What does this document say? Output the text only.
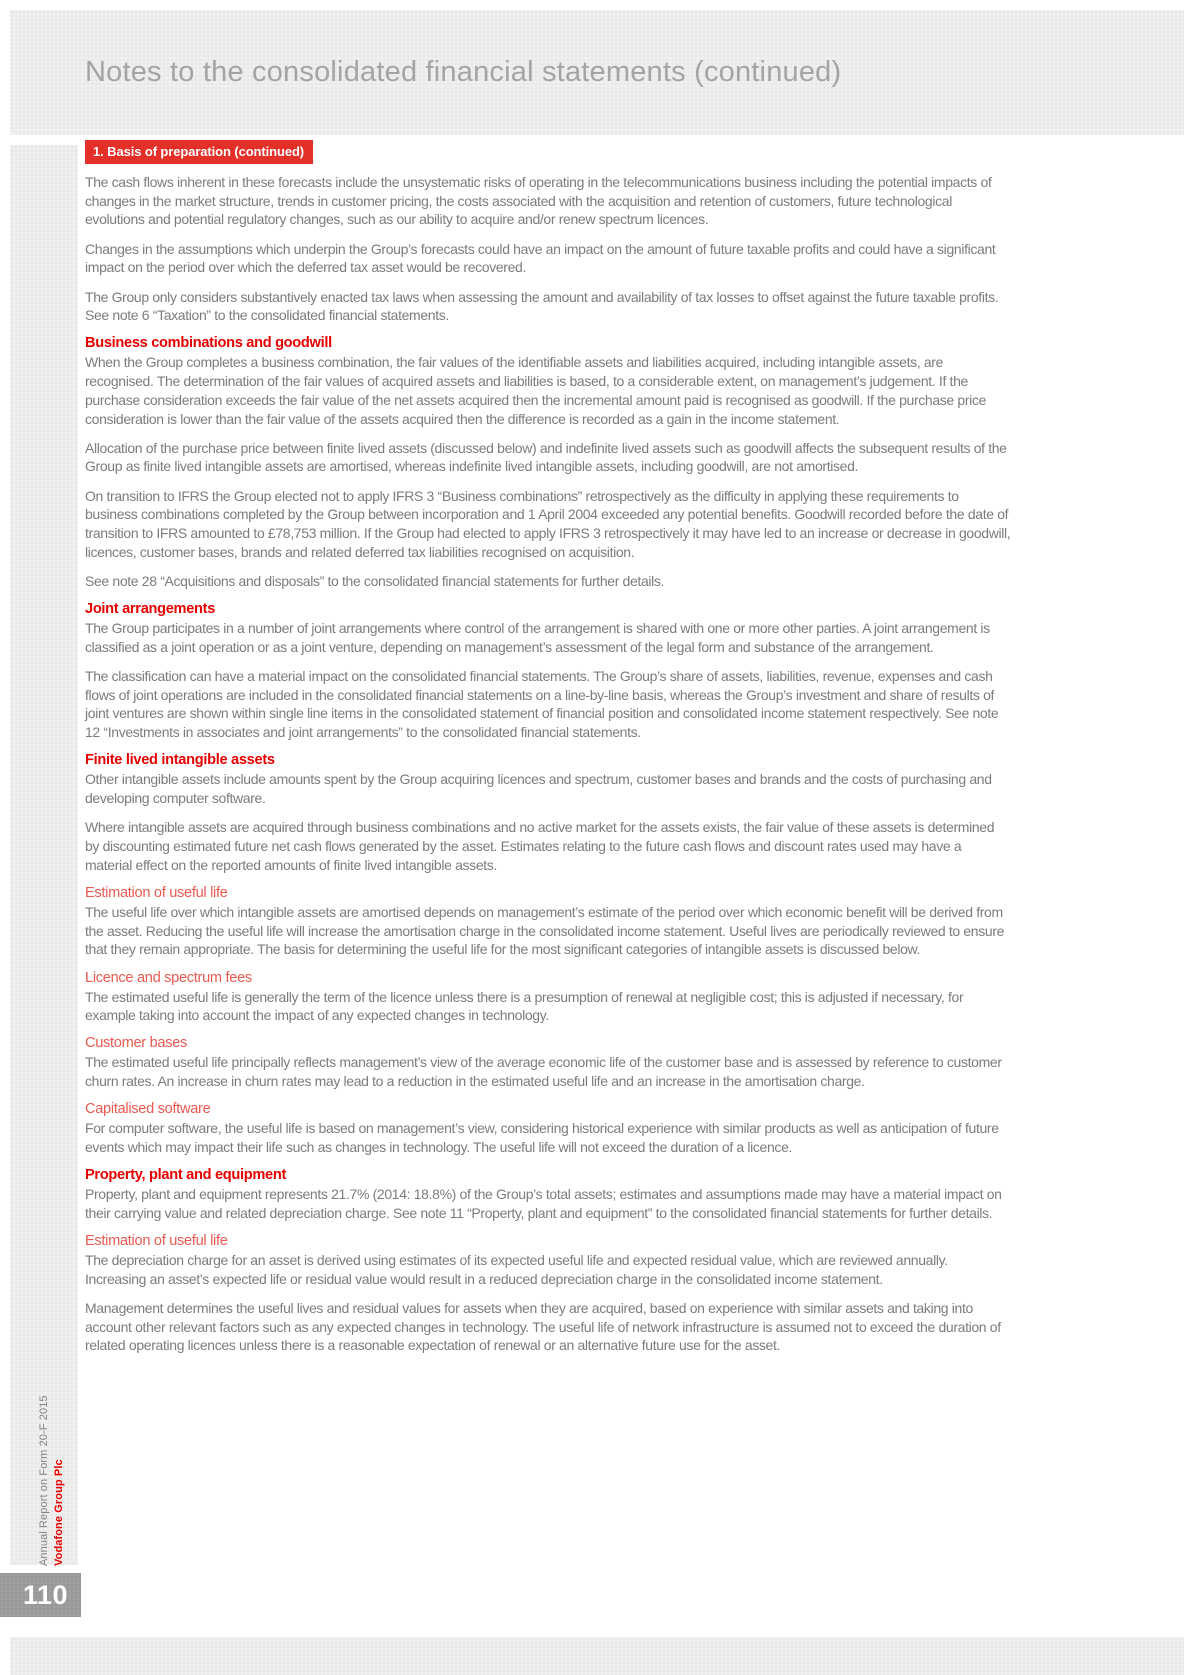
Notes to the consolidated financial statements (continued)
Annual Report on Form 20-F 2015 Vodafone Group Plc
110
1. Basis of preparation (continued)

The cash flows inherent in these forecasts include the unsystematic risks of operating in the telecommunications business including the potential impacts of changes in the market structure, trends in customer pricing, the costs associated with the acquisition and retention of customers, future technological evolutions and potential regulatory changes, such as our ability to acquire and/or renew spectrum licences.

Changes in the assumptions which underpin the Group’s forecasts could have an impact on the amount of future taxable profits and could have a significant impact on the period over which the deferred tax asset would be recovered.

The Group only considers substantively enacted tax laws when assessing the amount and availability of tax losses to offset against the future taxable profits. See note 6 “Taxation” to the consolidated financial statements.

Business combinations and goodwill

When the Group completes a business combination, the fair values of the identifiable assets and liabilities acquired, including intangible assets, are recognised. The determination of the fair values of acquired assets and liabilities is based, to a considerable extent, on management’s judgement. If the purchase consideration exceeds the fair value of the net assets acquired then the incremental amount paid is recognised as goodwill. If the purchase price consideration is lower than the fair value of the assets acquired then the difference is recorded as a gain in the income statement.

Allocation of the purchase price between finite lived assets (discussed below) and indefinite lived assets such as goodwill affects the subsequent results of the Group as finite lived intangible assets are amortised, whereas indefinite lived intangible assets, including goodwill, are not amortised.

On transition to IFRS the Group elected not to apply IFRS 3 “Business combinations” retrospectively as the difficulty in applying these requirements to business combinations completed by the Group between incorporation and 1 April 2004 exceeded any potential benefits. Goodwill recorded before the date of transition to IFRS amounted to £78,753 million. If the Group had elected to apply IFRS 3 retrospectively it may have led to an increase or decrease in goodwill, licences, customer bases, brands and related deferred tax liabilities recognised on acquisition.

See note 28 “Acquisitions and disposals” to the consolidated financial statements for further details.

Joint arrangements

The Group participates in a number of joint arrangements where control of the arrangement is shared with one or more other parties. A joint arrangement is classified as a joint operation or as a joint venture, depending on management’s assessment of the legal form and substance of the arrangement.

The classification can have a material impact on the consolidated financial statements. The Group’s share of assets, liabilities, revenue, expenses and cash flows of joint operations are included in the consolidated financial statements on a line-by-line basis, whereas the Group’s investment and share of results of joint ventures are shown within single line items in the consolidated statement of financial position and consolidated income statement respectively. See note 12 “Investments in associates and joint arrangements” to the consolidated financial statements.

Finite lived intangible assets

Other intangible assets include amounts spent by the Group acquiring licences and spectrum, customer bases and brands and the costs of purchasing and developing computer software.

Where intangible assets are acquired through business combinations and no active market for the assets exists, the fair value of these assets is determined by discounting estimated future net cash flows generated by the asset. Estimates relating to the future cash flows and discount rates used may have a material effect on the reported amounts of finite lived intangible assets.

Estimation of useful life

The useful life over which intangible assets are amortised depends on management’s estimate of the period over which economic benefit will be derived from the asset. Reducing the useful life will increase the amortisation charge in the consolidated income statement. Useful lives are periodically reviewed to ensure that they remain appropriate. The basis for determining the useful life for the most significant categories of intangible assets is discussed below.

Licence and spectrum fees

The estimated useful life is generally the term of the licence unless there is a presumption of renewal at negligible cost; this is adjusted if necessary, for example taking into account the impact of any expected changes in technology.

Customer bases

The estimated useful life principally reflects management’s view of the average economic life of the customer base and is assessed by reference to customer churn rates. An increase in churn rates may lead to a reduction in the estimated useful life and an increase in the amortisation charge.

Capitalised software

For computer software, the useful life is based on management’s view, considering historical experience with similar products as well as anticipation of future events which may impact their life such as changes in technology. The useful life will not exceed the duration of a licence.

Property, plant and equipment

Property, plant and equipment represents 21.7% (2014: 18.8%) of the Group’s total assets; estimates and assumptions made may have a material impact on their carrying value and related depreciation charge. See note 11 “Property, plant and equipment” to the consolidated financial statements for further details.

Estimation of useful life

The depreciation charge for an asset is derived using estimates of its expected useful life and expected residual value, which are reviewed annually. Increasing an asset’s expected life or residual value would result in a reduced depreciation charge in the consolidated income statement.

Management determines the useful lives and residual values for assets when they are acquired, based on experience with similar assets and taking into account other relevant factors such as any expected changes in technology. The useful life of network infrastructure is assumed not to exceed the duration of related operating licences unless there is a reasonable expectation of renewal or an alternative future use for the asset.
